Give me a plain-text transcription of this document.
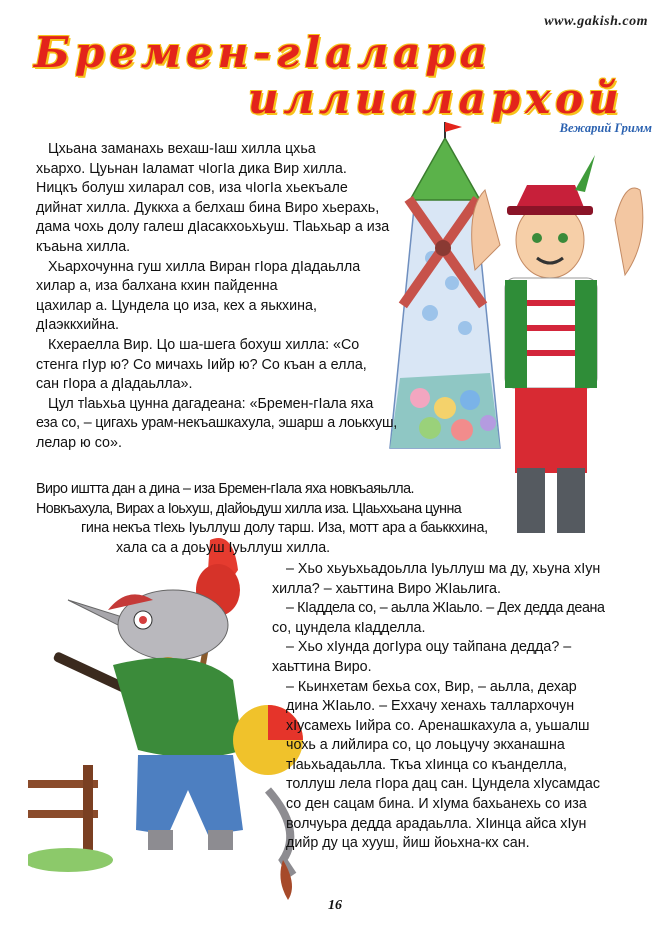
www.gakish.com
Бремен-гlалара
иллиалархой
Вежарий Гримм
Цхьана заманахь вехаш-Iаш хилла цхьа
хьархо. Цуьнан Iаламат чIогIа дика Вир хилла.
Ницкъ болуш хиларал сов, иза чIогIа хьекъале
дийнат хилла. Дуккха а белхаш бина Виро хьерахь,
дама чохь долу галеш дIасакхоьхьуш. Тlаьхьар а иза
къаьна хилла.
Хьархочунна гуш хилла Виран гIора дIадаьлла
хилар а, иза балхана кхин пайденна
цахилар а. Цундела цо иза, кех а яькхина,
дIаэккхийна.
Кхераелла Вир. Цо ша-шега бохуш хилла: «Со
стенга гIур ю? Со мичахь Iийр ю? Со къан а елла,
сан гIора а дIадаьлла».
Цул тlаьхьа цунна дагадеана: «Бремен-гIала яха
еза со, – цигахь урам-некъашкахула, эшарш а лоькхуш,
лелар ю со».
Виро иштта дан а дина – иза Бремен-гIала яха новкъаяьлла.
Новкъахула, Вирах а Iоьхуш, дIайоьдуш хилла иза. ЦIаьххьана цунна
гина некъа тIехь Iуьллуш долу тарш. Иза, мотт ара а баьккхина,
хала са а доьуш Iуьллуш хилла.
– Хьо хьуьхьадоьлла Iуьллуш ма ду, хьуна хIун
хилла? – хаьттина Виро ЖIаьлига.
– КIаддела со, – аьлла ЖIаьло. – Дех дедда деана
со, цундела кIадделла.
– Хьо хIунда догIура оцу тайпана дедда? –
хаьттина Виро.
– Кьинхетам бехьа сох, Вир, – аьлла, дехар
дина ЖIаьло. – Еххачу хенахь таллархочун
хIусамехь Iийра со. Аренашкахула а, уьшалш
чохь а лийлира со, цо лоьцучу экханашна
тlаьхьадаьлла. Ткъа хIинца со къанделла,
толлуш лела гIора дац сан. Цундела хIусамдас
со ден сацам бина. И хIума бахьанехь со иза
волчуьра дедда арадаьлла. ХIинца айса хIун
дийр ду ца хууш, йиш йоьхна-кх сан.
16
